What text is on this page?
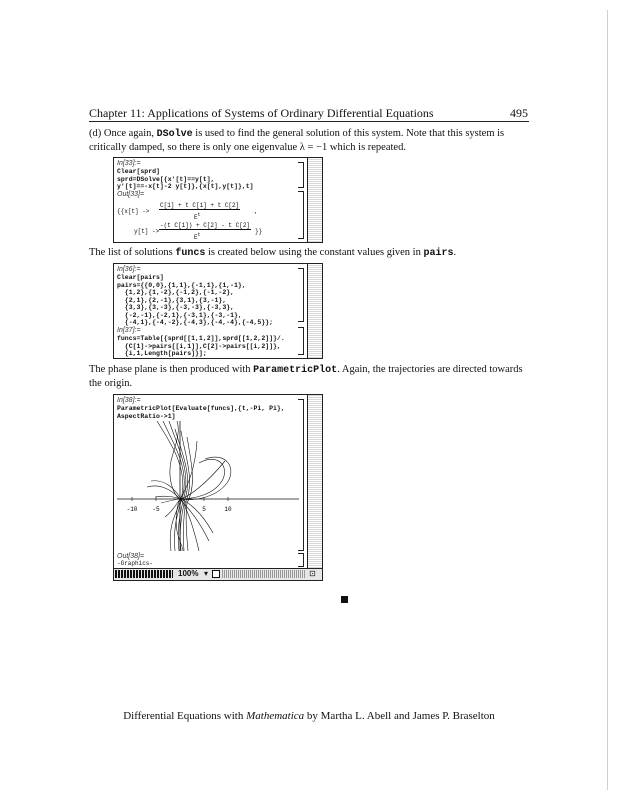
Chapter 11: Applications of Systems of Ordinary Differential Equations	495
(d) Once again, DSolve is used to find the general solution of this system. Note that this system is critically damped, so there is only one eigenvalue λ = −1 which is repeated.
In[33]:=
Clear[sprd]
sprd=DSolve[{x'[t]==y[t],
y'[t]==-x[t]-2 y[t]},{x[t],y[t]},t]
Out[33]=
{{x[t] ->
C[1] + t C[1] + t C[2]
$E^t$	,
y[t] ->
-(t C[1]) + C[2] - t C[2]
$E^t$	}}
The list of solutions funcs is created below using the constant values given in pairs.
In[36]:=
Clear[pairs]
pairs={{0,0},{1,1},{-1,1},{1,-1},
{1,2},{1,-2},{-1,2},{-1,-2},
{2,1},{2,-1},{3,1},{3,-1},
{3,3},{3,-3},{-3,-3},{-3,3},
{-2,-1},{-2,1},{-3,1},{-3,-1},
{-4,1},{-4,-2},{-4,3},{-4,-4},{-4,5}};
In[37]:=
funcs=Table[{sprd[[1,1,2]],sprd[[1,2,2]]}/.
{C[1]->pairs[[i,1]],C[2]->pairs[[i,2]]},
{i,1,Length[pairs]}];
The phase plane is then produced with ParametricPlot. Again, the trajectories are directed towards the origin.
In[38]:=
ParametricPlot[Evaluate[funcs],{t,-Pi, Pi},
AspectRatio->1]
-10 -5	5	10
Out[38]=
-Graphics-
100% ▾	⊡
Differential Equations with Mathematica by Martha L. Abell and James P. Braselton
